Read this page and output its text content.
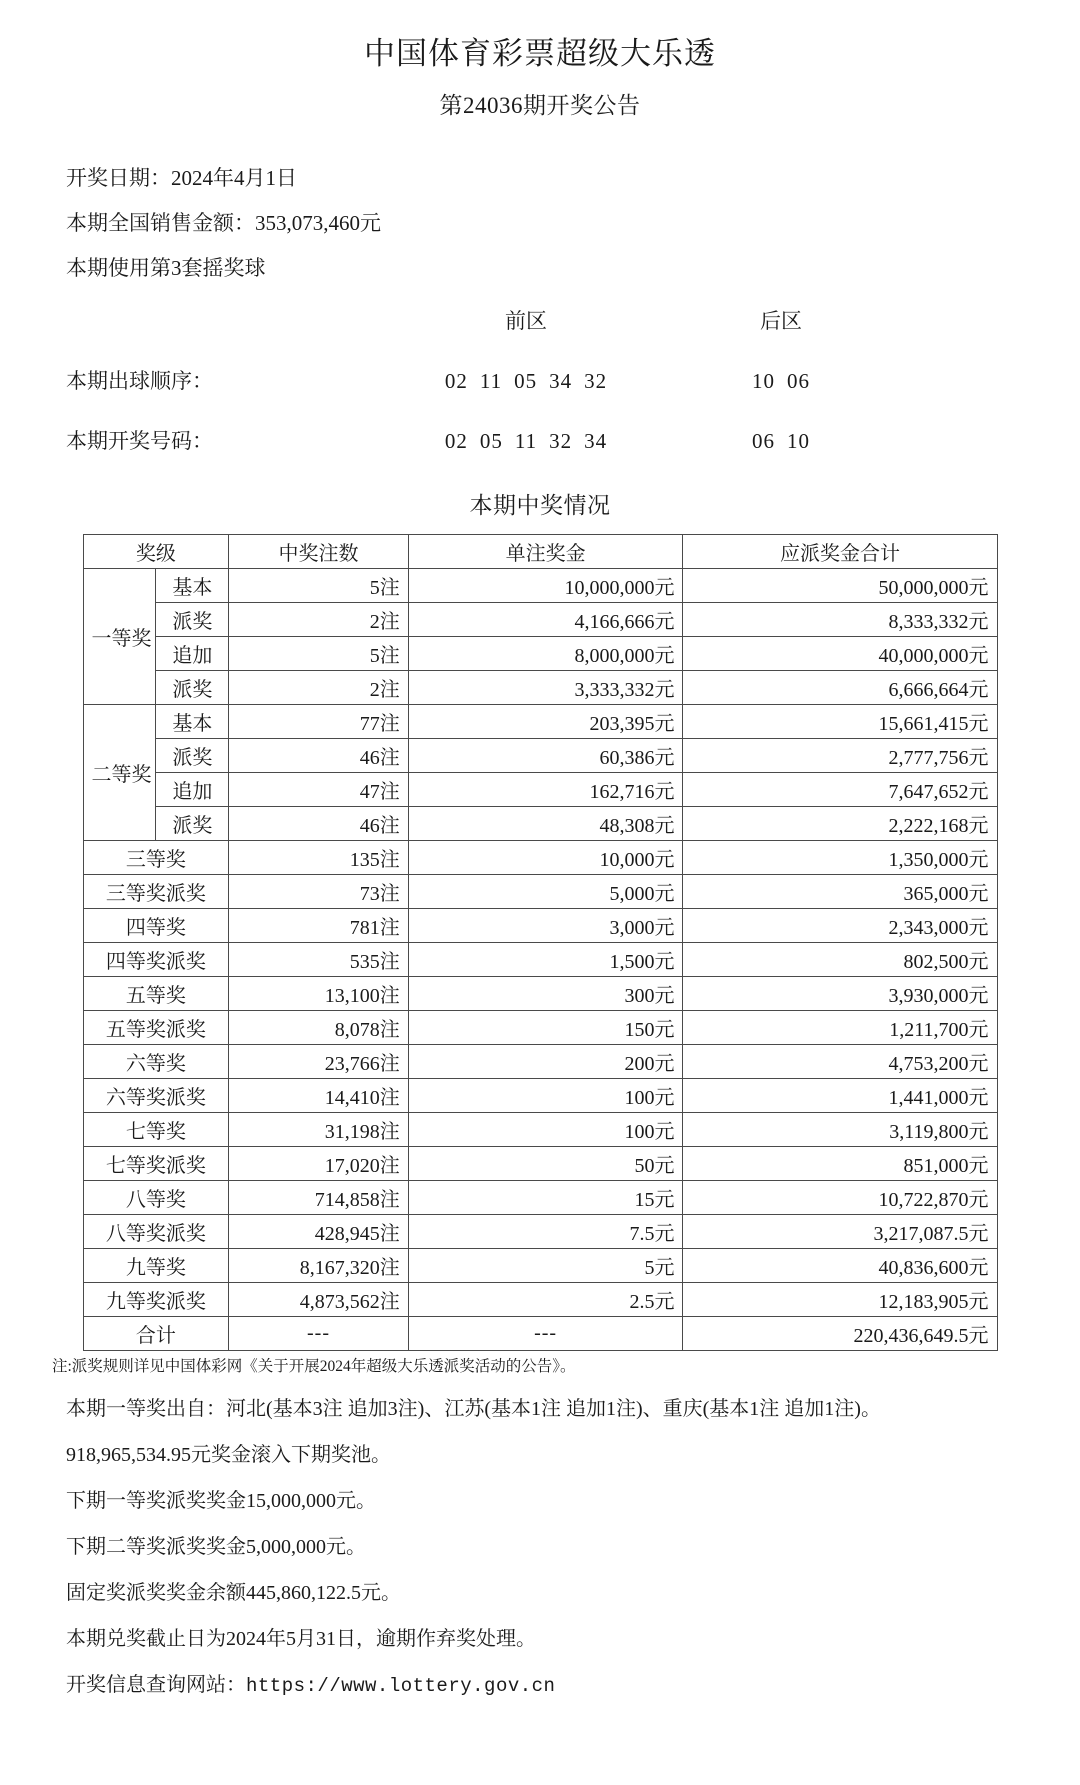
中国体育彩票超级大乐透
第24036期开奖公告
开奖日期：2024年4月1日
本期全国销售金额：353,073,460元
本期使用第3套摇奖球
前区	后区
本期出球顺序：	02 11 05 34 32	10 06
本期开奖号码：	02 05 11 32 34	06 10
本期中奖情况
奖级		中奖注数	单注奖金	应派奖金合计
一等奖	基本	5注	10,000,000元	50,000,000元
	派奖	2注	4,166,666元	8,333,332元
	追加	5注	8,000,000元	40,000,000元
	派奖	2注	3,333,332元	6,666,664元
二等奖	基本	77注	203,395元	15,661,415元
	派奖	46注	60,386元	2,777,756元
	追加	47注	162,716元	7,647,652元
	派奖	46注	48,308元	2,222,168元
三等奖		135注	10,000元	1,350,000元
三等奖派奖		73注	5,000元	365,000元
四等奖		781注	3,000元	2,343,000元
四等奖派奖		535注	1,500元	802,500元
五等奖		13,100注	300元	3,930,000元
五等奖派奖		8,078注	150元	1,211,700元
六等奖		23,766注	200元	4,753,200元
六等奖派奖		14,410注	100元	1,441,000元
七等奖		31,198注	100元	3,119,800元
七等奖派奖		17,020注	50元	851,000元
八等奖		714,858注	15元	10,722,870元
八等奖派奖		428,945注	7.5元	3,217,087.5元
九等奖		8,167,320注	5元	40,836,600元
九等奖派奖		4,873,562注	2.5元	12,183,905元
合计		---	---	220,436,649.5元
注:派奖规则详见中国体彩网《关于开展2024年超级大乐透派奖活动的公告》。
本期一等奖出自：河北(基本3注 追加3注)、江苏(基本1注 追加1注)、重庆(基本1注 追加1注)。
918,965,534.95元奖金滚入下期奖池。
下期一等奖派奖奖金15,000,000元。
下期二等奖派奖奖金5,000,000元。
固定奖派奖奖金余额445,860,122.5元。
本期兑奖截止日为2024年5月31日，逾期作弃奖处理。
开奖信息查询网站：https://www.lottery.gov.cn
